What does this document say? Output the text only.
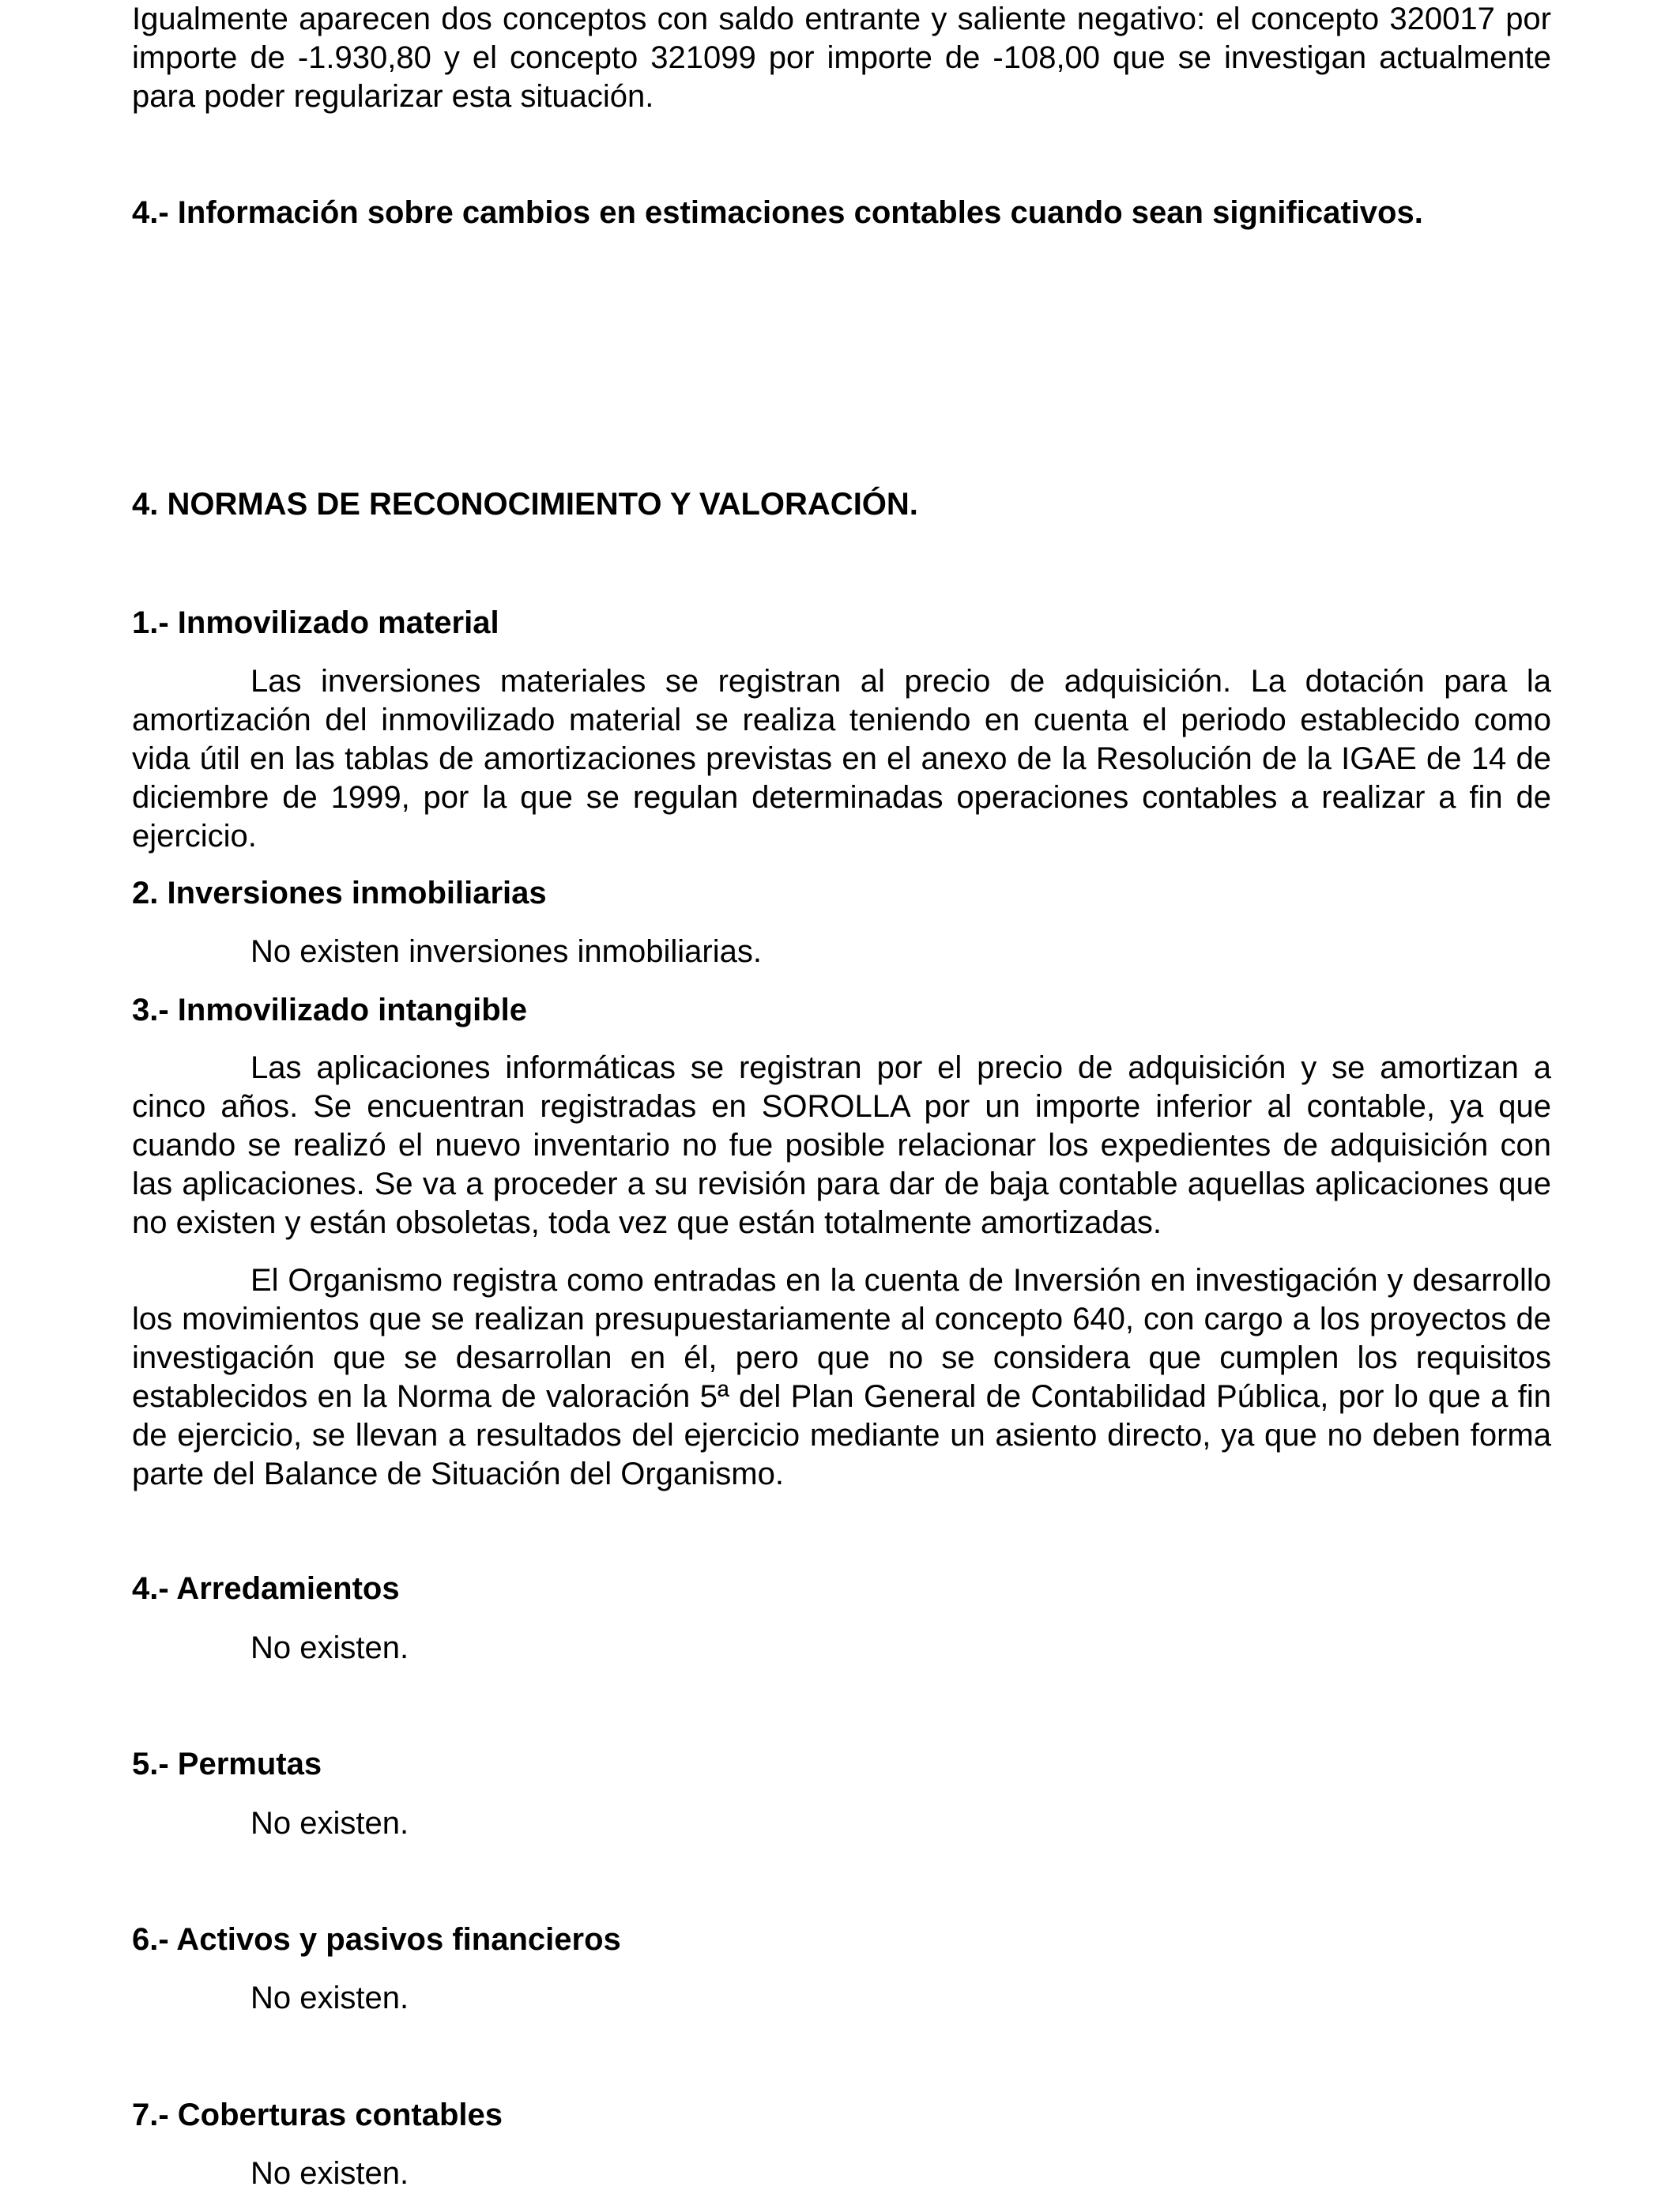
Igualmente aparecen dos conceptos con saldo entrante y saliente negativo: el concepto 320017 por importe de -1.930,80 y el concepto 321099 por importe de -108,00 que se investigan actualmente para poder regularizar esta situación.

4.- Información sobre cambios en estimaciones contables cuando sean significativos.

4. NORMAS DE RECONOCIMIENTO Y VALORACIÓN.

1.- Inmovilizado material

Las inversiones materiales se registran al precio de adquisición. La dotación para la amortización del inmovilizado material se realiza teniendo en cuenta el periodo establecido como vida útil en las tablas de amortizaciones previstas en el anexo de la Resolución de la IGAE de 14 de diciembre de 1999, por la que se regulan determinadas operaciones contables a realizar a fin de ejercicio.

2. Inversiones inmobiliarias

No existen inversiones inmobiliarias.

3.- Inmovilizado intangible

Las aplicaciones informáticas se registran por el precio de adquisición y se amortizan a cinco años. Se encuentran registradas en SOROLLA por un importe inferior al contable, ya que cuando se realizó el nuevo inventario no fue posible relacionar los expedientes de adquisición con las aplicaciones. Se va a proceder a su revisión para dar de baja contable aquellas aplicaciones que no existen y están obsoletas, toda vez que están totalmente amortizadas.

El Organismo registra como entradas en la cuenta de Inversión en investigación y desarrollo los movimientos que se realizan presupuestariamente al concepto 640, con cargo a los proyectos de investigación que se desarrollan en él, pero que no se considera que cumplen los requisitos establecidos en la Norma de valoración 5ª del Plan General de Contabilidad Pública, por lo que a fin de ejercicio, se llevan a resultados del ejercicio mediante un asiento directo, ya que no deben forma parte del Balance de Situación del Organismo.

4.- Arredamientos

No existen.

5.- Permutas

No existen.

6.- Activos y pasivos financieros

No existen.

7.- Coberturas contables

No existen.
